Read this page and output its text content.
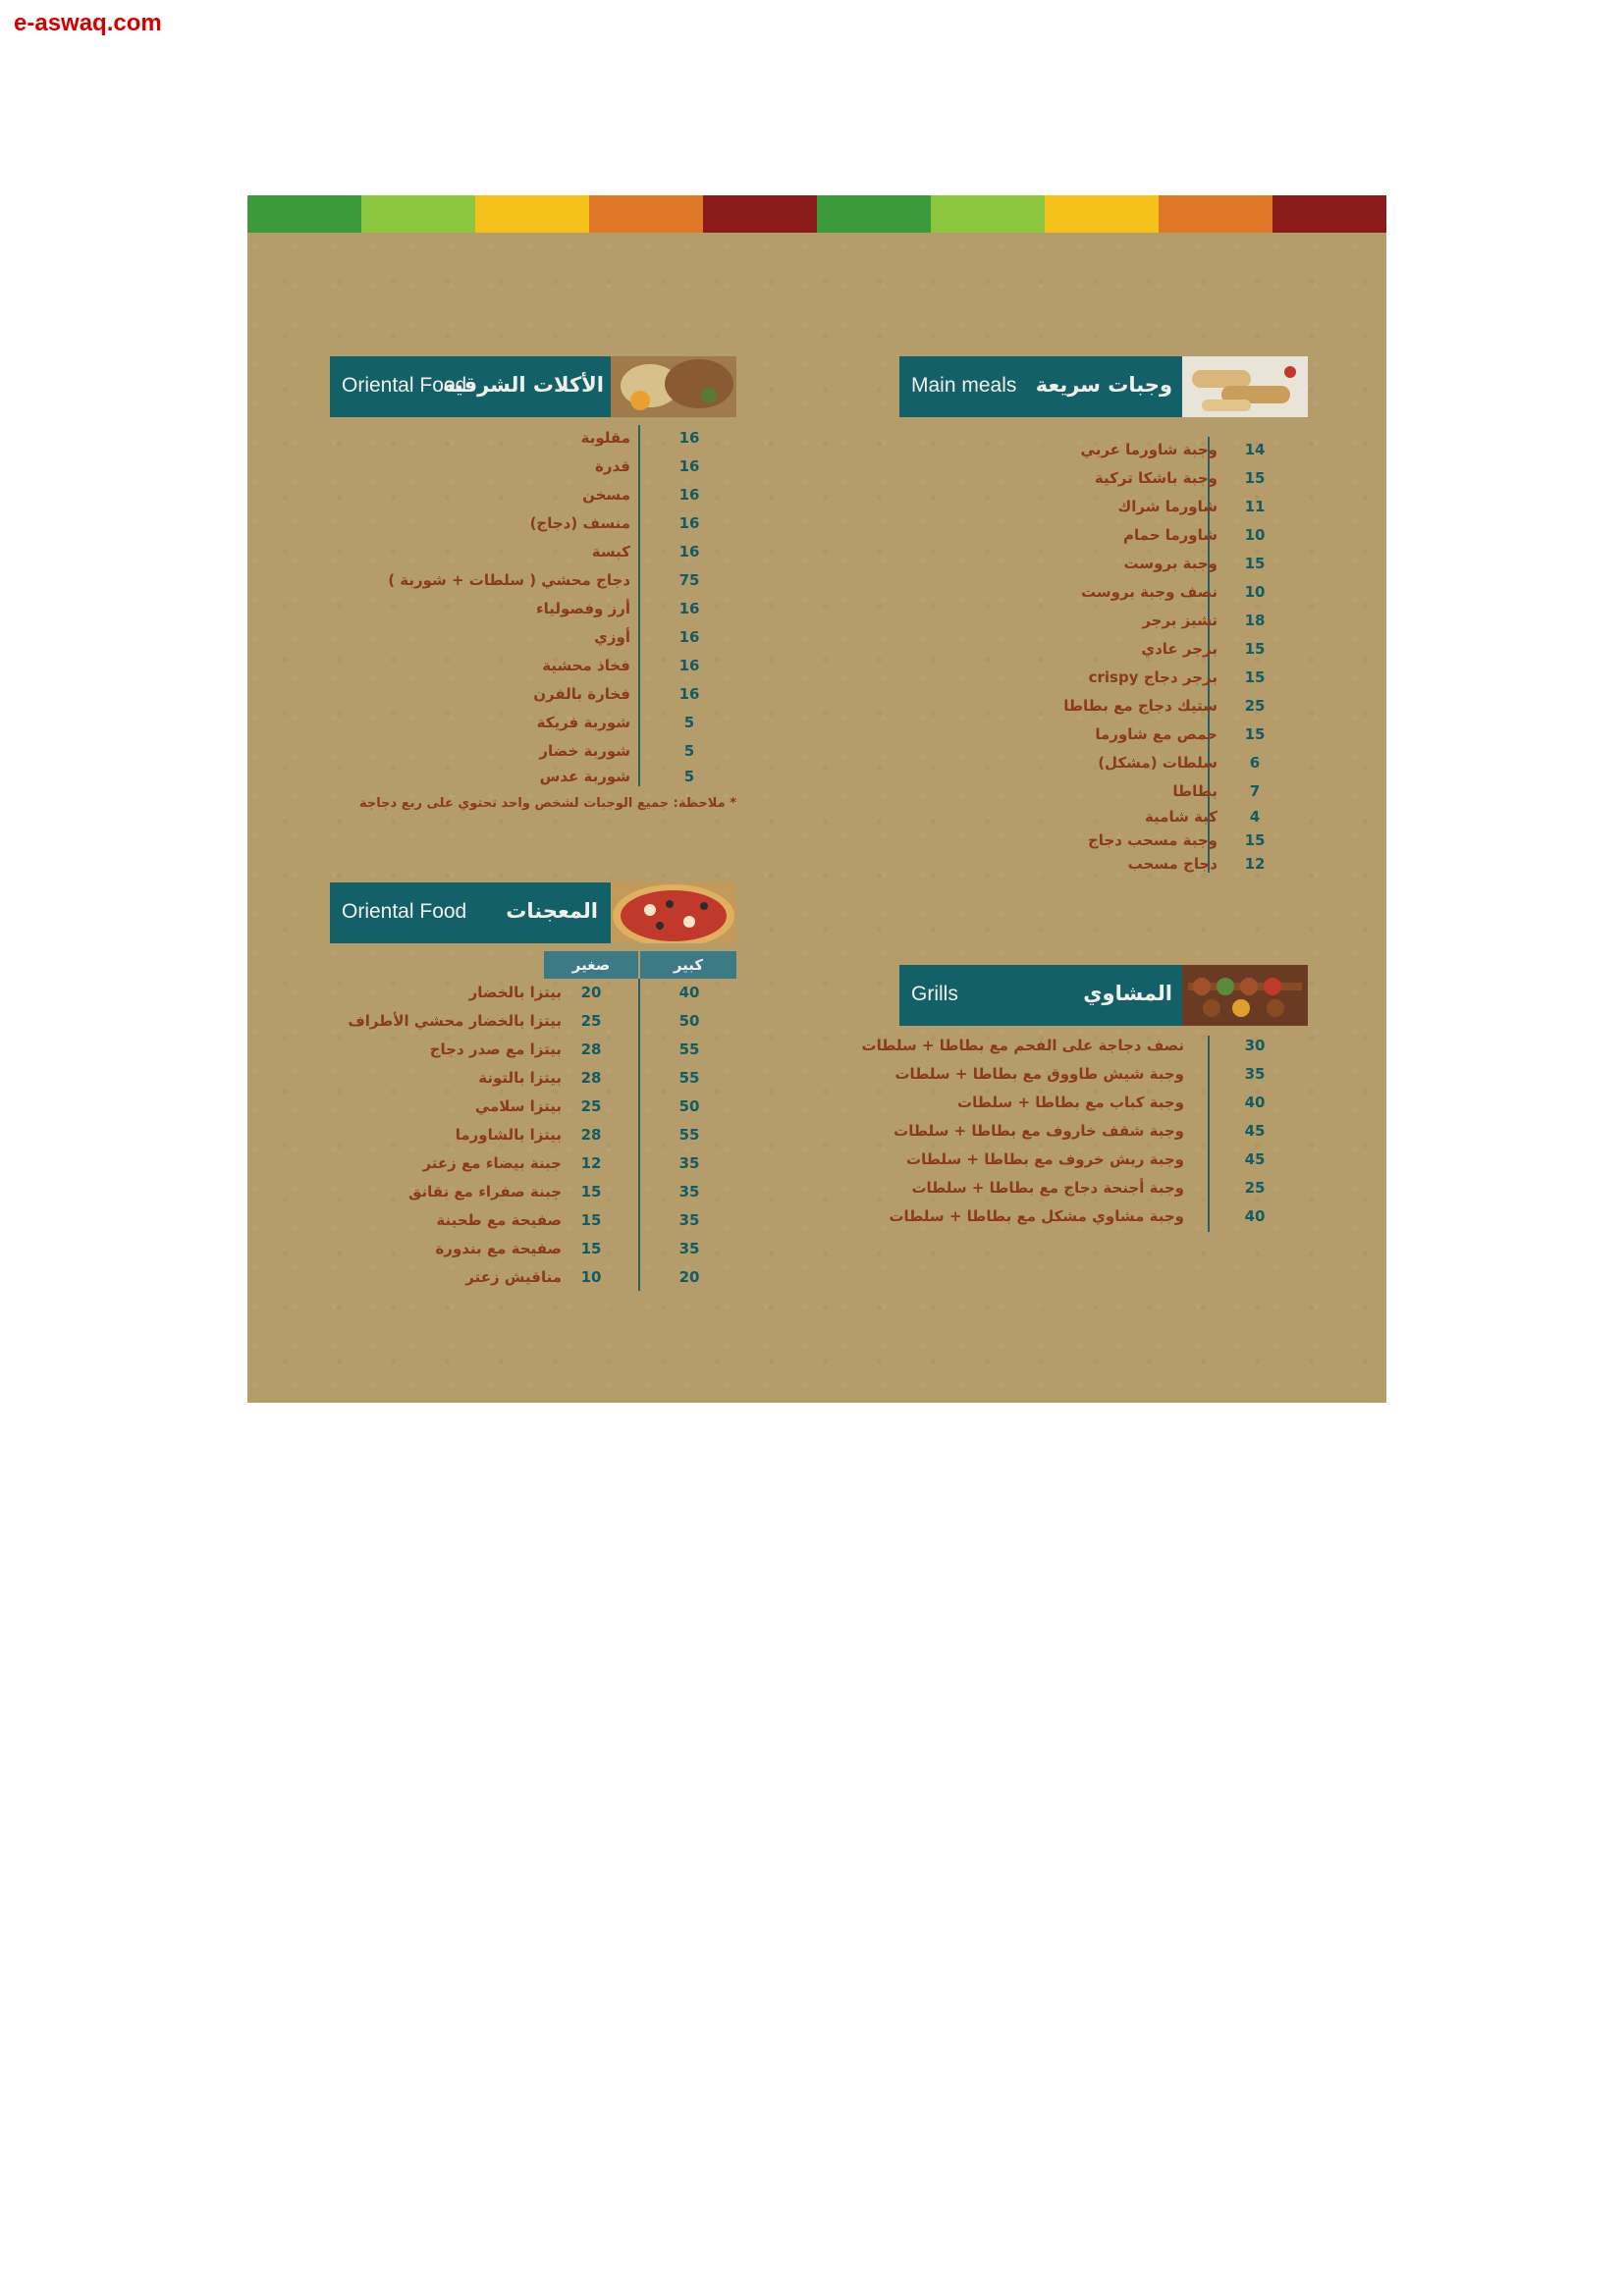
e-aswaq.com
Oriental Food
الأكلات الشرقية
مقلوبة	16
قدرة	16
مسخن	16
منسف (دجاج)	16
كبسة	16
دجاج محشي ( سلطات + شوربة )	75
أرز وفصولياء	16
أوزي	16
فخاذ محشية	16
فخارة بالفرن	16
شوربة فريكة	5
شوربة خضار	5
شوربة عدس	5
* ملاحظة: جميع الوجبات لشخص واحد تحتوي على ربع دجاجة
Oriental Food المعجنات
صغير	كبير
بيتزا بالخضار	20	40
بيتزا بالخضار محشي الأطراف	25	50
بيتزا مع صدر دجاج	28	55
بيتزا بالتونة	28	55
بيتزا سلامي	25	50
بيتزا بالشاورما	28	55
جبنة بيضاء مع زعتر	12	35
جبنة صفراء مع نقانق	15	35
صفيحة مع طحينة	15	35
صفيحة مع بندورة	15	35
مناقيش زعتر	10	20
Main meals وجبات سريعة
وجبة شاورما عربي	14
وجبة باشكا تركية	15
شاورما شراك	11
شاورما حمام	10
وجبة بروست	15
نصف وجبة بروست	10
تشيز برجر	18
برجر عادي	15
برجر دجاج crispy	15
ستيك دجاج مع بطاطا	25
حمص مع شاورما	15
سلطات (مشكل)	6
بطاطا	7
كبة شامية	4
وجبة مسحب دجاج	15
دجاج مسحب	12
Grills	المشاوي
نصف دجاجة على الفحم مع بطاطا + سلطات	30
وجبة شيش طاووق مع بطاطا + سلطات	35
وجبة كباب مع بطاطا + سلطات	40
وجبة شقف خاروف مع بطاطا + سلطات	45
وجبة ريش خروف مع بطاطا + سلطات	45
وجبة أجنحة دجاج مع بطاطا + سلطات	25
وجبة مشاوي مشكل مع بطاطا + سلطات	40
